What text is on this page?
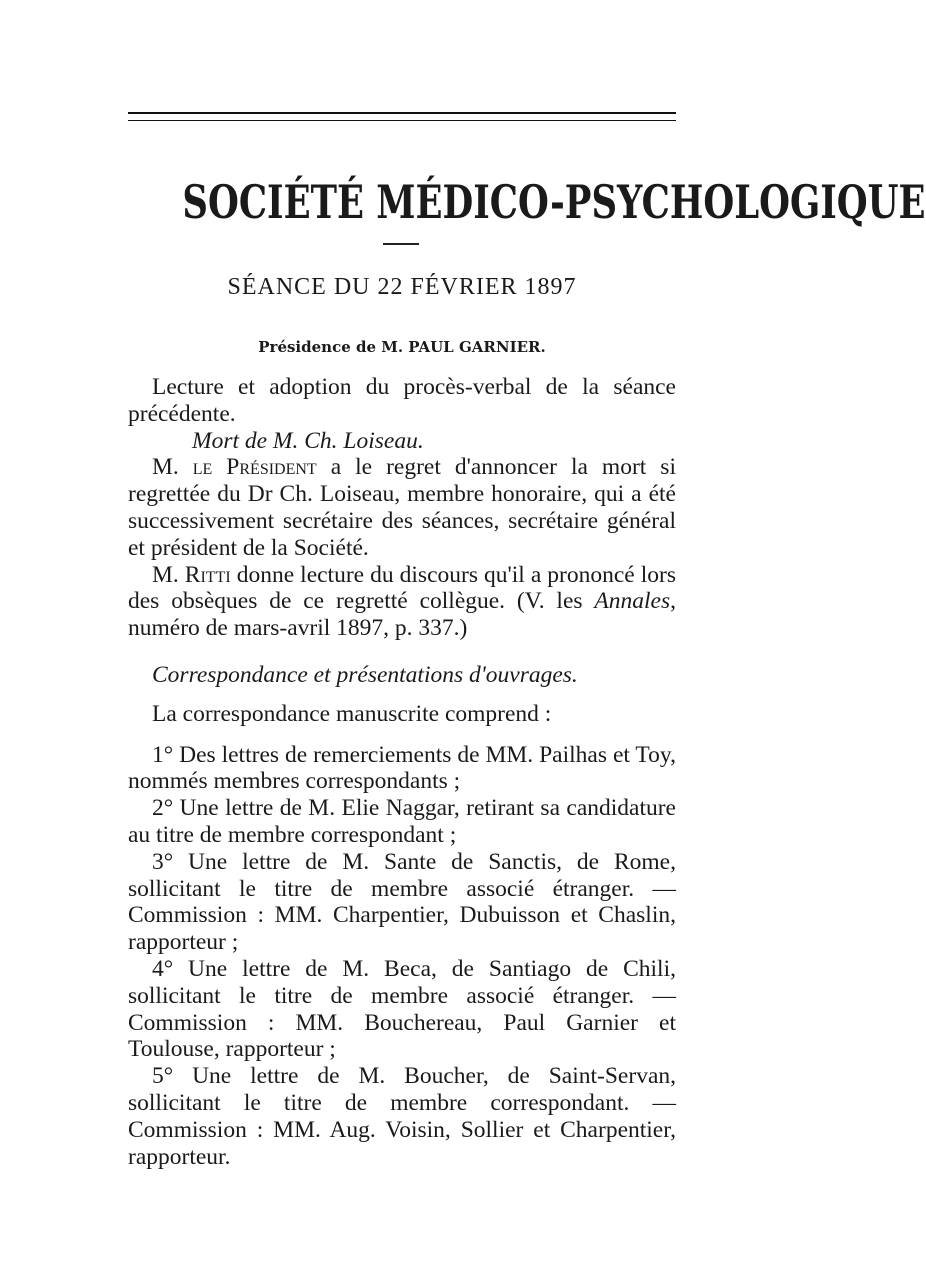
SOCIÉTÉ MÉDICO-PSYCHOLOGIQUE
SÉANCE DU 22 FÉVRIER 1897
Présidence de M. PAUL GARNIER.

Lecture et adoption du procès-verbal de la séance précédente.

Mort de M. Ch. Loiseau.

M. le Président a le regret d'annoncer la mort si regrettée du Dr Ch. Loiseau, membre honoraire, qui a été successivement secrétaire des séances, secrétaire général et président de la Société.

M. Ritti donne lecture du discours qu'il a prononcé lors des obsèques de ce regretté collègue. (V. les Annales, numéro de mars-avril 1897, p. 337.)

Correspondance et présentations d'ouvrages.

La correspondance manuscrite comprend :

1° Des lettres de remerciements de MM. Pailhas et Toy, nommés membres correspondants ;

2° Une lettre de M. Elie Naggar, retirant sa candidature au titre de membre correspondant ;

3° Une lettre de M. Sante de Sanctis, de Rome, sollicitant le titre de membre associé étranger. — Commission : MM. Charpentier, Dubuisson et Chaslin, rapporteur ;

4° Une lettre de M. Beca, de Santiago de Chili, sollicitant le titre de membre associé étranger. — Commission : MM. Bouchereau, Paul Garnier et Toulouse, rapporteur ;

5° Une lettre de M. Boucher, de Saint-Servan, sollicitant le titre de membre correspondant. — Commission : MM. Aug. Voisin, Sollier et Charpentier, rapporteur.
